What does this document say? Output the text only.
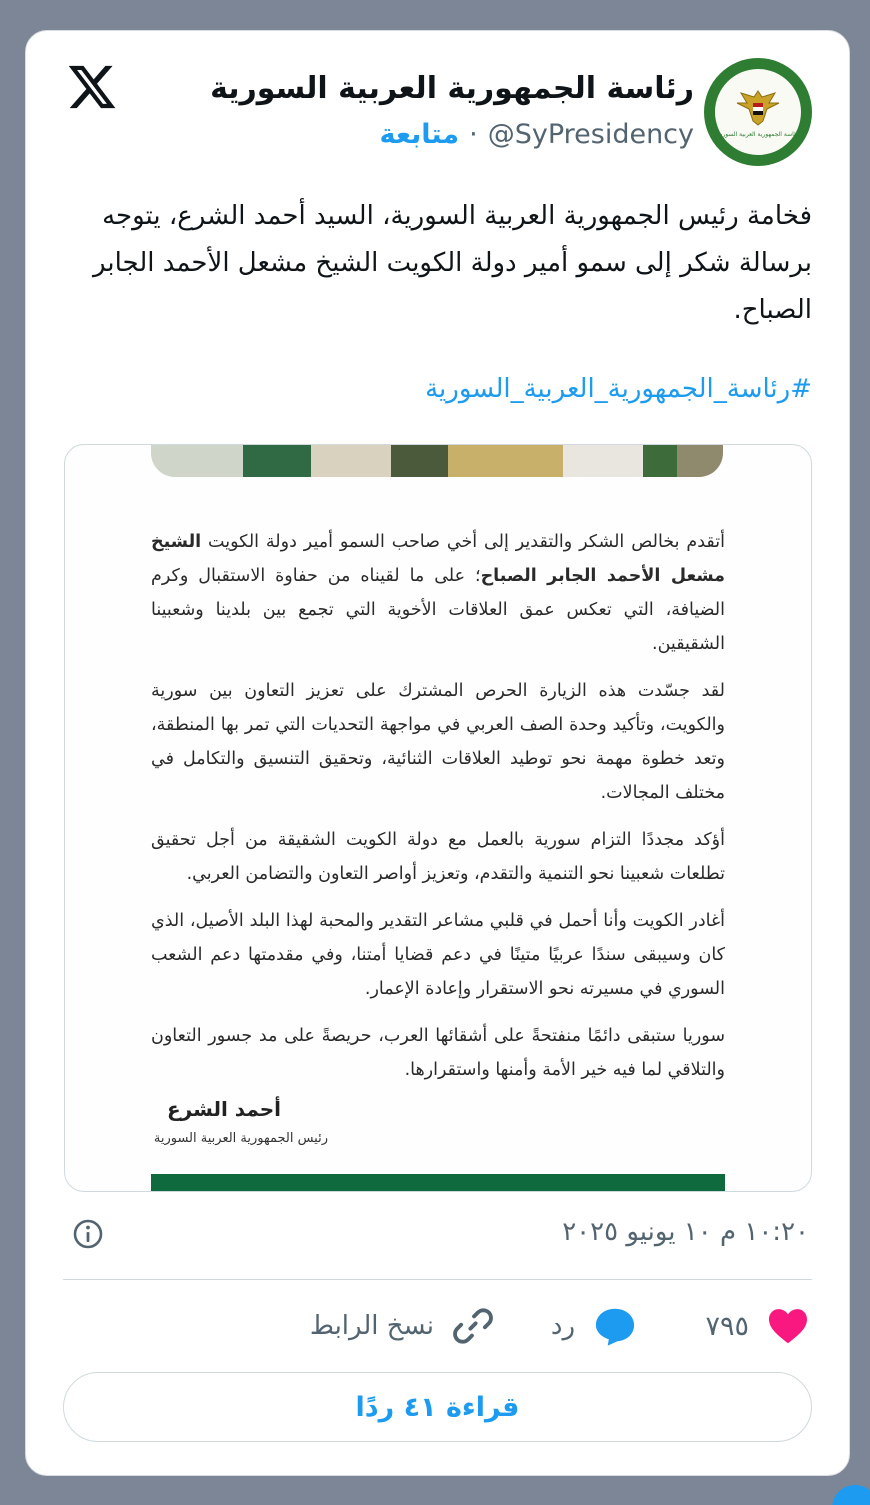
رئاسة الجمهورية العربية السورية
رئاسة الجمهورية العربية السورية
@SyPresidency
·
متابعة
فخامة رئيس الجمهورية العربية السورية، السيد أحمد الشرع، يتوجه برسالة شكر إلى سمو أمير دولة الكويت الشيخ مشعل الأحمد الجابر الصباح.
#رئاسة_الجمهورية_العربية_السورية

أتقدم بخالص الشكر والتقدير إلى أخي صاحب السمو أمير دولة الكويت الشيخ مشعل الأحمد الجابر الصباح؛ على ما لقيناه من حفاوة الاستقبال وكرم الضيافة، التي تعكس عمق العلاقات الأخوية التي تجمع بين بلدينا وشعبينا الشقيقين.

لقد جسّدت هذه الزيارة الحرص المشترك على تعزيز التعاون بين سورية والكويت، وتأكيد وحدة الصف العربي في مواجهة التحديات التي تمر بها المنطقة، وتعد خطوة مهمة نحو توطيد العلاقات الثنائية، وتحقيق التنسيق والتكامل في مختلف المجالات.

أؤكد مجددًا التزام سورية بالعمل مع دولة الكويت الشقيقة من أجل تحقيق تطلعات شعبينا نحو التنمية والتقدم، وتعزيز أواصر التعاون والتضامن العربي.

أغادر الكويت وأنا أحمل في قلبي مشاعر التقدير والمحبة لهذا البلد الأصيل، الذي كان وسيبقى سندًا عربيًا متينًا في دعم قضايا أمتنا، وفي مقدمتها دعم الشعب السوري في مسيرته نحو الاستقرار وإعادة الإعمار.

سوريا ستبقى دائمًا منفتحةً على أشقائها العرب، حريصةً على مد جسور التعاون والتلاقي لما فيه خير الأمة وأمنها واستقرارها.

أحمد الشرع
رئيس الجمهورية العربية السورية
١٠:٢٠ م ١٠ يونيو ٢٠٢٥
٧٩٥
رد
نسخ الرابط
قراءة ٤١ ردًا
